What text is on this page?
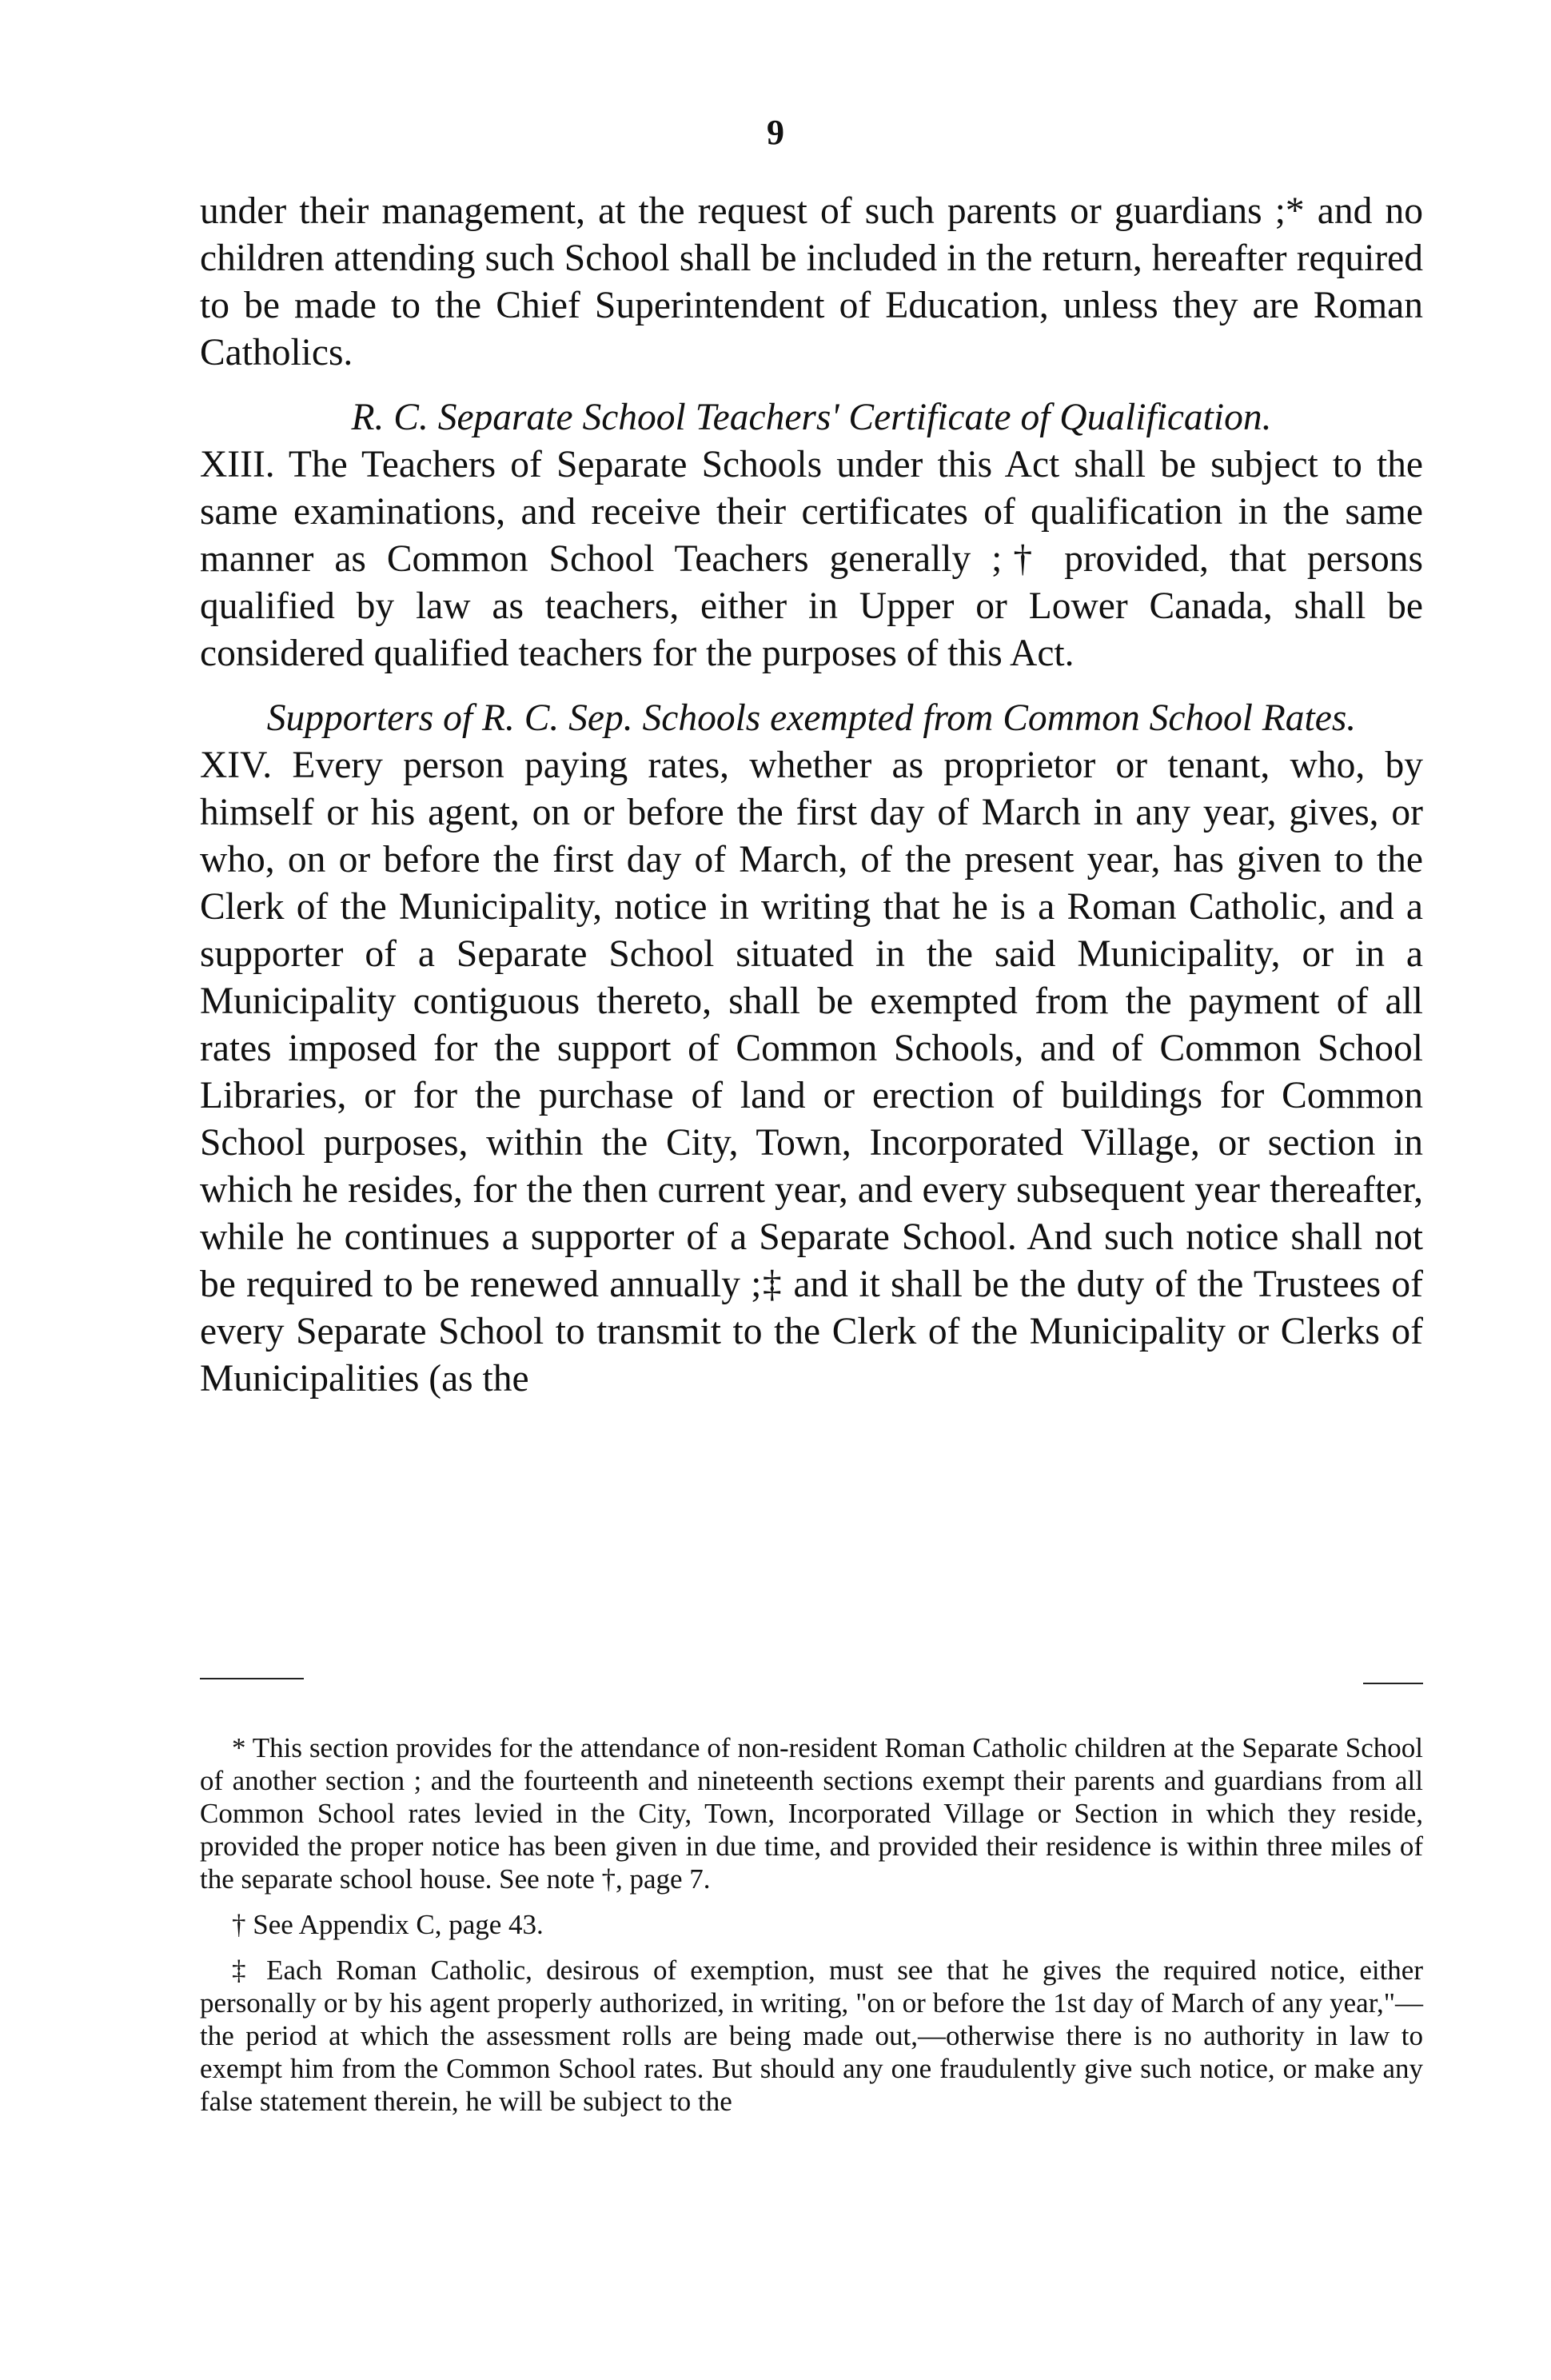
9

under their management, at the request of such parents or guardians ;* and no children attending such School shall be included in the return, hereafter required to be made to the Chief Superintendent of Education, unless they are Roman Catholics.

R. C. Separate School Teachers' Certificate of Qualification.

XIII. The Teachers of Separate Schools under this Act shall be subject to the same examinations, and receive their certificates of qualification in the same manner as Common School Teachers generally ;† provided, that persons qualified by law as teachers, either in Upper or Lower Canada, shall be considered qualified teachers for the purposes of this Act.

Supporters of R. C. Sep. Schools exempted from Common School Rates.

XIV. Every person paying rates, whether as proprietor or tenant, who, by himself or his agent, on or before the first day of March in any year, gives, or who, on or before the first day of March, of the present year, has given to the Clerk of the Municipality, notice in writing that he is a Roman Catholic, and a supporter of a Separate School situated in the said Municipality, or in a Municipality contiguous thereto, shall be exempted from the payment of all rates imposed for the support of Common Schools, and of Common School Libraries, or for the purchase of land or erection of buildings for Common School purposes, within the City, Town, Incorporated Village, or section in which he resides, for the then current year, and every subsequent year thereafter, while he continues a supporter of a Separate School. And such notice shall not be required to be renewed annually ;‡ and it shall be the duty of the Trustees of every Separate School to transmit to the Clerk of the Municipality or Clerks of Municipalities (as the

* This section provides for the attendance of non-resident Roman Catholic children at the Separate School of another section ; and the fourteenth and nineteenth sections exempt their parents and guardians from all Common School rates levied in the City, Town, Incorporated Village or Section in which they reside, provided the proper notice has been given in due time, and provided their residence is within three miles of the separate school house. See note †, page 7.

† See Appendix C, page 43.

‡ Each Roman Catholic, desirous of exemption, must see that he gives the required notice, either personally or by his agent properly authorized, in writing, "on or before the 1st day of March of any year,"—the period at which the assessment rolls are being made out,—otherwise there is no authority in law to exempt him from the Common School rates. But should any one fraudulently give such notice, or make any false statement therein, he will be subject to the
